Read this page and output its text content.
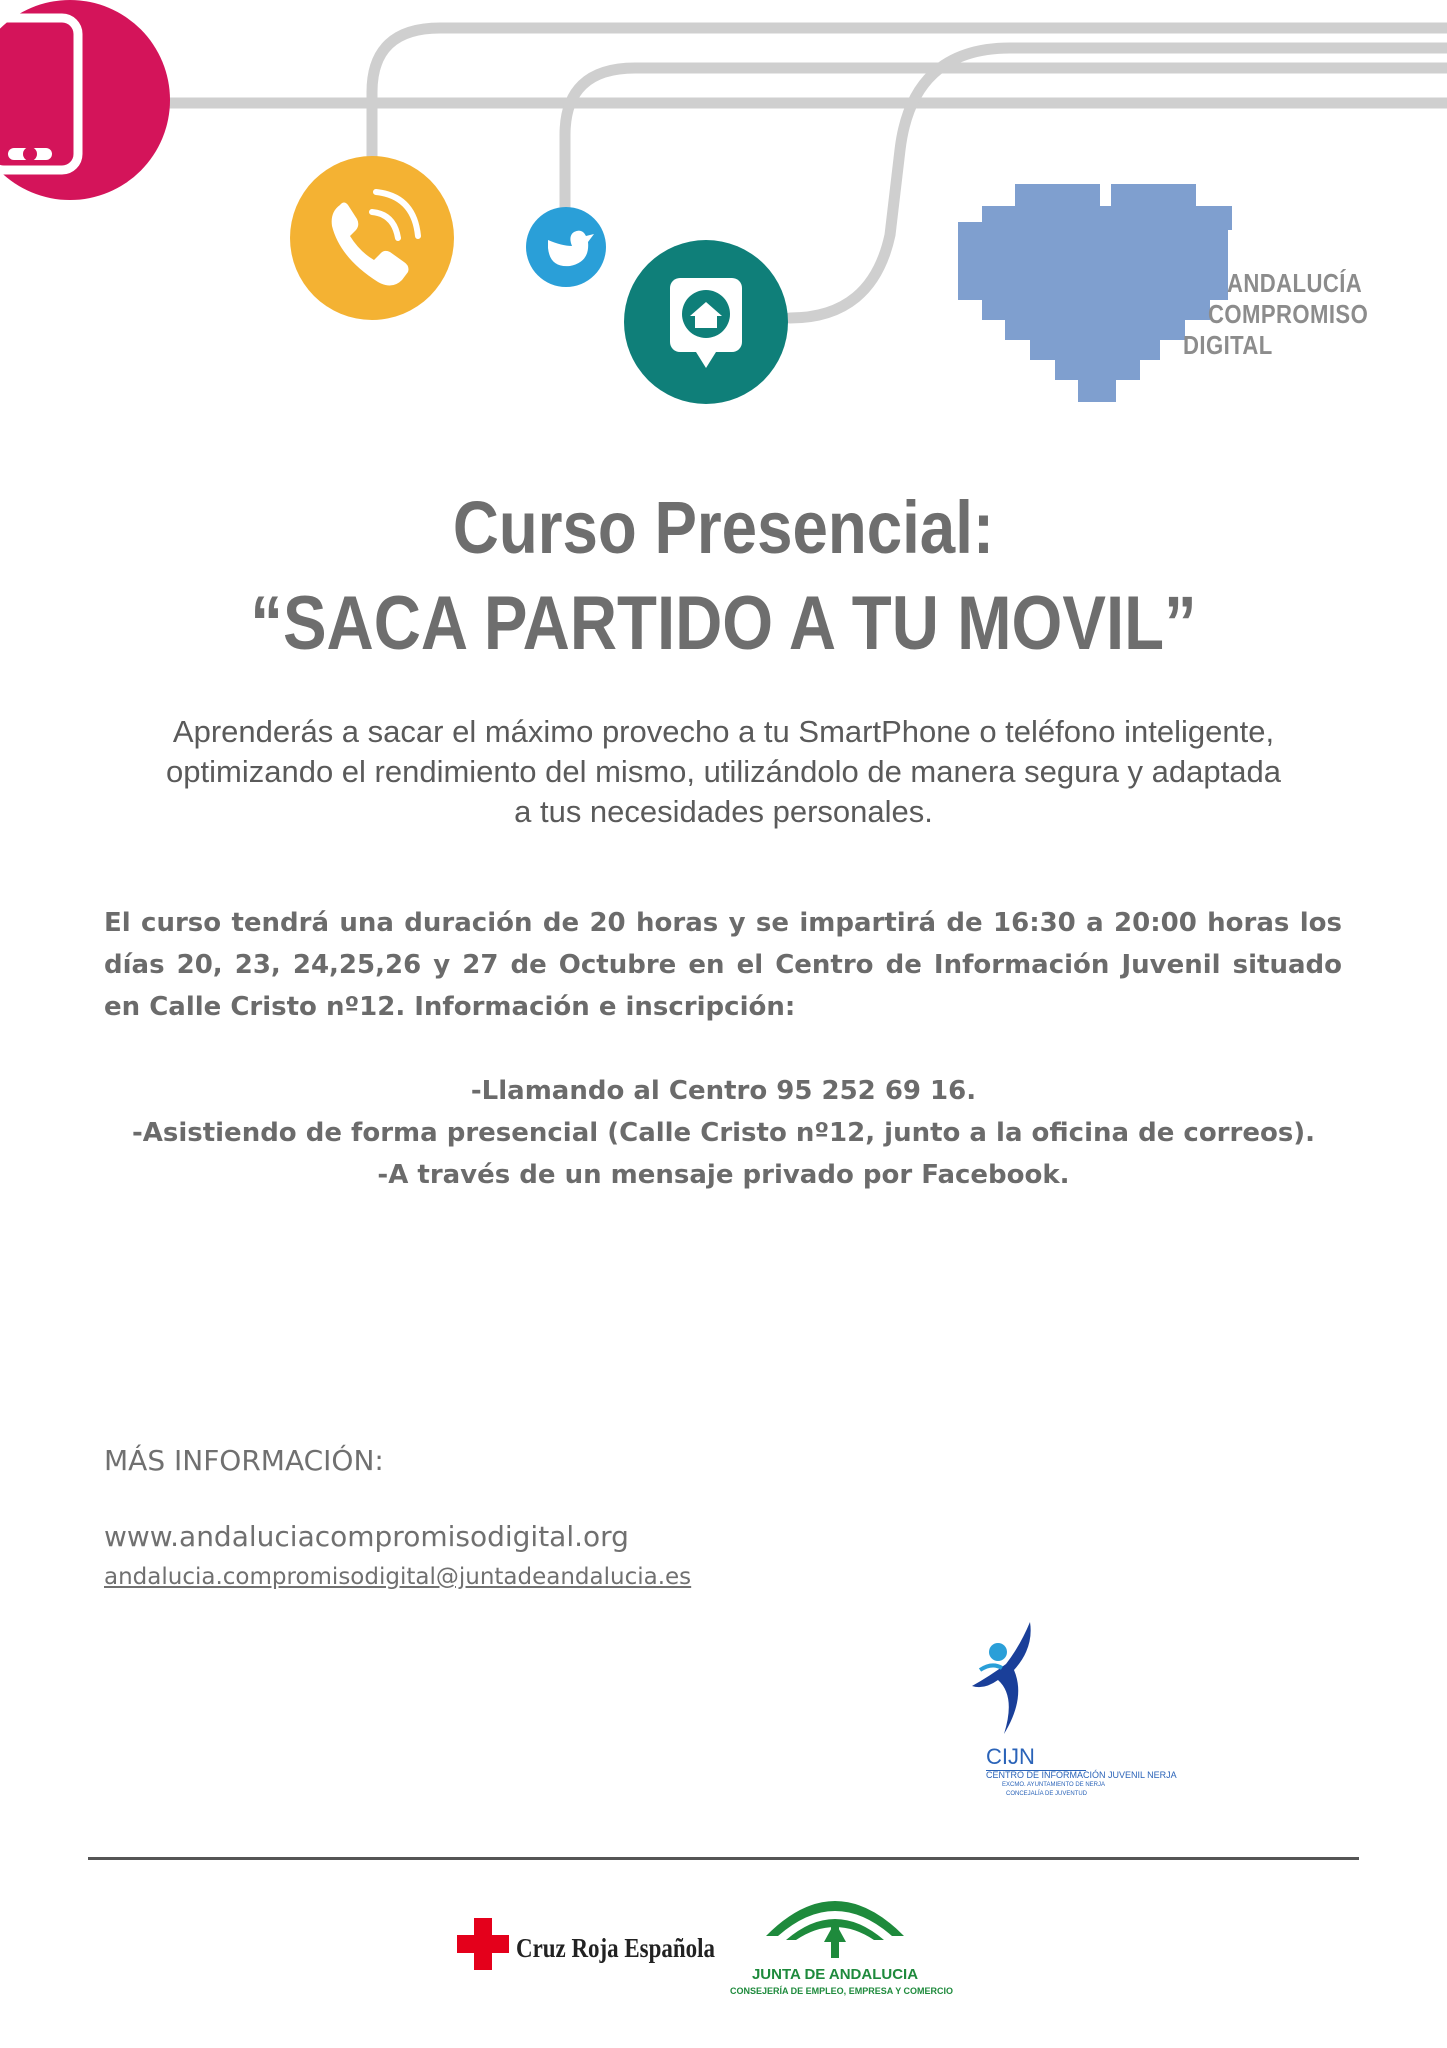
ANDALUCÍA
COMPROMISO
DIGITAL
Curso Presencial:
“SACA PARTIDO A TU MOVIL”
Aprenderás a sacar el máximo provecho a tu SmartPhone o teléfono inteligente,
optimizando el rendimiento del mismo, utilizándolo de manera segura y adaptada
a tus necesidades personales.
El curso tendrá una duración de 20 horas y se impartirá de 16:30 a 20:00 horas los días 20, 23, 24,25,26 y 27 de Octubre en el Centro de Información Juvenil situado en Calle Cristo nº12. Información e inscripción:
-Llamando al Centro 95 252 69 16.
-Asistiendo de forma presencial (Calle Cristo nº12, junto a la oficina de correos).
-A través de un mensaje privado por Facebook.
MÁS INFORMACIÓN:
www.andaluciacompromisodigital.org
andalucia.compromisodigital@juntadeandalucia.es
CIJN
CENTRO DE INFORMACIÓN JUVENIL NERJA
EXCMO. AYUNTAMIENTO DE NERJA
CONCEJALÍA DE JUVENTUD
Cruz Roja Española
JUNTA DE ANDALUCIA
CONSEJERÍA DE EMPLEO, EMPRESA Y COMERCIO
